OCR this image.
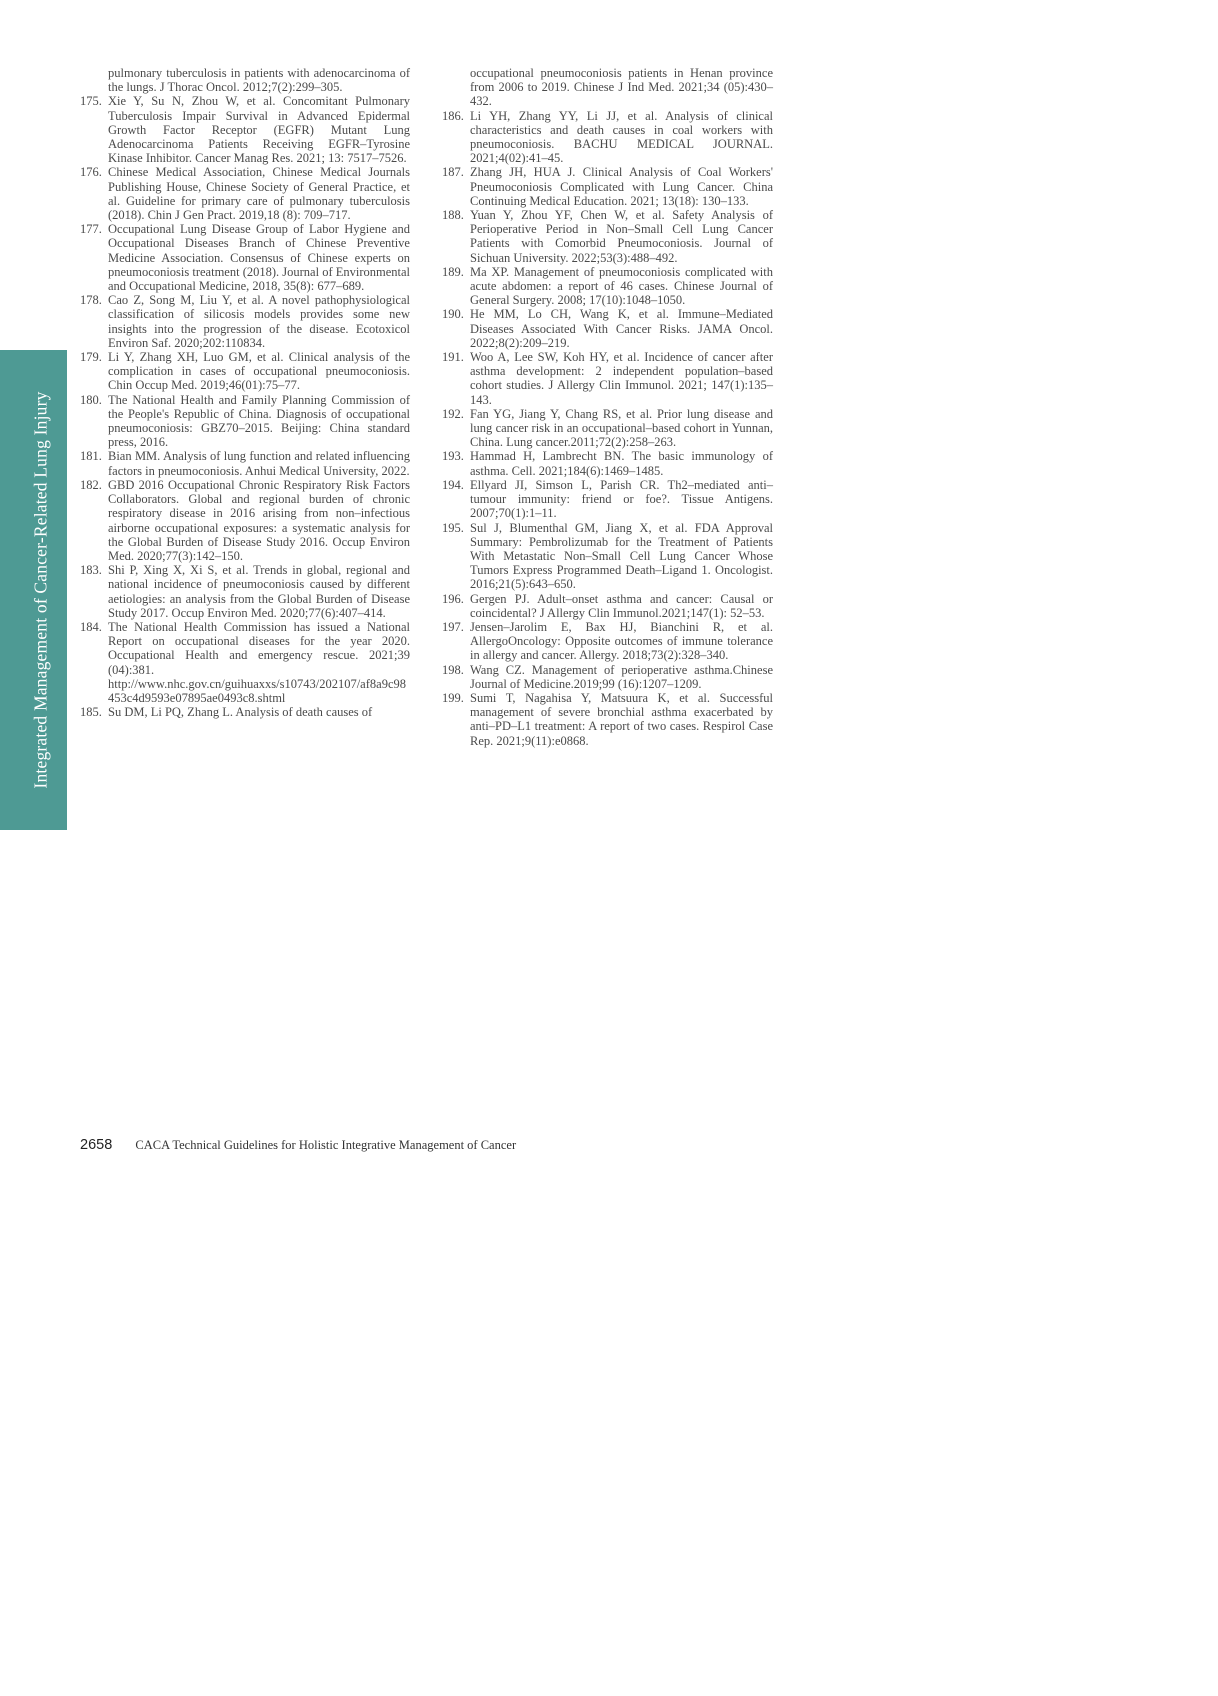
Integrated Management of Cancer-Related Lung Injury
pulmonary tuberculosis in patients with adenocarcinoma of the lungs. J Thorac Oncol. 2012;7(2):299–305.
175. Xie Y, Su N, Zhou W, et al. Concomitant Pulmonary Tuberculosis Impair Survival in Advanced Epidermal Growth Factor Receptor (EGFR) Mutant Lung Adenocarcinoma Patients Receiving EGFR–Tyrosine Kinase Inhibitor. Cancer Manag Res. 2021; 13: 7517–7526.
176. Chinese Medical Association, Chinese Medical Journals Publishing House, Chinese Society of General Practice, et al. Guideline for primary care of pulmonary tuberculosis (2018). Chin J Gen Pract. 2019,18 (8): 709–717.
177. Occupational Lung Disease Group of Labor Hygiene and Occupational Diseases Branch of Chinese Preventive Medicine Association. Consensus of Chinese experts on pneumoconiosis treatment (2018). Journal of Environmental and Occupational Medicine, 2018, 35(8): 677–689.
178. Cao Z, Song M, Liu Y, et al. A novel pathophysiological classification of silicosis models provides some new insights into the progression of the disease. Ecotoxicol Environ Saf. 2020;202:110834.
179. Li Y, Zhang XH, Luo GM, et al. Clinical analysis of the complication in cases of occupational pneumoconiosis. Chin Occup Med. 2019;46(01):75–77.
180. The National Health and Family Planning Commission of the People's Republic of China. Diagnosis of occupational pneumoconiosis: GBZ70–2015. Beijing: China standard press, 2016.
181. Bian MM. Analysis of lung function and related influencing factors in pneumoconiosis. Anhui Medical University, 2022.
182. GBD 2016 Occupational Chronic Respiratory Risk Factors Collaborators. Global and regional burden of chronic respiratory disease in 2016 arising from non–infectious airborne occupational exposures: a systematic analysis for the Global Burden of Disease Study 2016. Occup Environ Med. 2020;77(3):142–150.
183. Shi P, Xing X, Xi S, et al. Trends in global, regional and national incidence of pneumoconiosis caused by different aetiologies: an analysis from the Global Burden of Disease Study 2017. Occup Environ Med. 2020;77(6):407–414.
184. The National Health Commission has issued a National Report on occupational diseases for the year 2020. Occupational Health and emergency rescue. 2021;39 (04):381. http://www.nhc.gov.cn/guihuaxxs/s10743/202107/af8a9c98453c4d9593e07895ae0493c8.shtml
185. Su DM, Li PQ, Zhang L. Analysis of death causes of
occupational pneumoconiosis patients in Henan province from 2006 to 2019. Chinese J Ind Med. 2021;34 (05):430–432.
186. Li YH, Zhang YY, Li JJ, et al. Analysis of clinical characteristics and death causes in coal workers with pneumoconiosis. BACHU MEDICAL JOURNAL. 2021;4(02):41–45.
187. Zhang JH, HUA J. Clinical Analysis of Coal Workers' Pneumoconiosis Complicated with Lung Cancer. China Continuing Medical Education. 2021; 13(18): 130–133.
188. Yuan Y, Zhou YF, Chen W, et al. Safety Analysis of Perioperative Period in Non–Small Cell Lung Cancer Patients with Comorbid Pneumoconiosis. Journal of Sichuan University. 2022;53(3):488–492.
189. Ma XP. Management of pneumoconiosis complicated with acute abdomen: a report of 46 cases. Chinese Journal of General Surgery. 2008; 17(10):1048–1050.
190. He MM, Lo CH, Wang K, et al. Immune–Mediated Diseases Associated With Cancer Risks. JAMA Oncol. 2022;8(2):209–219.
191. Woo A, Lee SW, Koh HY, et al. Incidence of cancer after asthma development: 2 independent population–based cohort studies. J Allergy Clin Immunol. 2021; 147(1):135–143.
192. Fan YG, Jiang Y, Chang RS, et al. Prior lung disease and lung cancer risk in an occupational–based cohort in Yunnan, China. Lung cancer.2011;72(2):258–263.
193. Hammad H, Lambrecht BN. The basic immunology of asthma. Cell. 2021;184(6):1469–1485.
194. Ellyard JI, Simson L, Parish CR. Th2–mediated anti–tumour immunity: friend or foe?. Tissue Antigens. 2007;70(1):1–11.
195. Sul J, Blumenthal GM, Jiang X, et al. FDA Approval Summary: Pembrolizumab for the Treatment of Patients With Metastatic Non–Small Cell Lung Cancer Whose Tumors Express Programmed Death–Ligand 1. Oncologist. 2016;21(5):643–650.
196. Gergen PJ. Adult–onset asthma and cancer: Causal or coincidental? J Allergy Clin Immunol.2021;147(1): 52–53.
197. Jensen–Jarolim E, Bax HJ, Bianchini R, et al. AllergoOncology: Opposite outcomes of immune tolerance in allergy and cancer. Allergy. 2018;73(2):328–340.
198. Wang CZ. Management of perioperative asthma.Chinese Journal of Medicine.2019;99 (16):1207–1209.
199. Sumi T, Nagahisa Y, Matsuura K, et al. Successful management of severe bronchial asthma exacerbated by anti–PD–L1 treatment: A report of two cases. Respirol Case Rep. 2021;9(11):e0868.
2658 CACA Technical Guidelines for Holistic Integrative Management of Cancer
